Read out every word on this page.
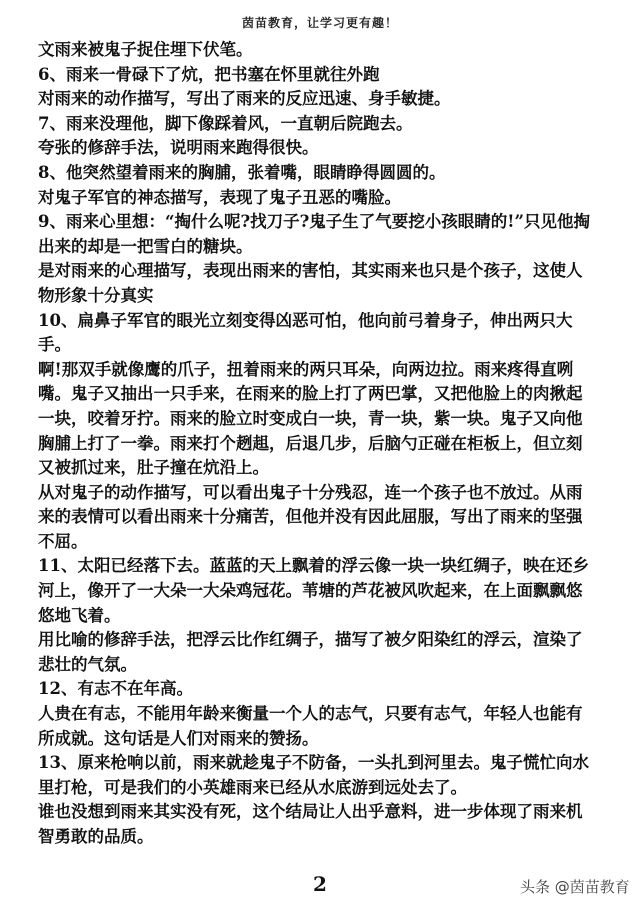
茵苗教育，让学习更有趣！
文雨来被鬼子捉住埋下伏笔。
6、雨来一骨碌下了炕，把书塞在怀里就往外跑
对雨来的动作描写，写出了雨来的反应迅速、身手敏捷。
7、雨来没理他，脚下像踩着风，一直朝后院跑去。
夸张的修辞手法，说明雨来跑得很快。
8、他突然望着雨来的胸脯，张着嘴，眼睛睁得圆圆的。
对鬼子军官的神态描写，表现了鬼子丑恶的嘴脸。
9、雨来心里想：“掏什么呢?找刀子?鬼子生了气要挖小孩眼睛的!”只见他掏
出来的却是一把雪白的糖块。
是对雨来的心理描写，表现出雨来的害怕，其实雨来也只是个孩子，这使人
物形象十分真实
10、扁鼻子军官的眼光立刻变得凶恶可怕，他向前弓着身子，伸出两只大手。
啊!那双手就像鹰的爪子，扭着雨来的两只耳朵，向两边拉。雨来疼得直咧
嘴。鬼子又抽出一只手来，在雨来的脸上打了两巴掌，又把他脸上的肉揪起
一块，咬着牙拧。雨来的脸立时变成白一块，青一块，紫一块。鬼子又向他
胸脯上打了一拳。雨来打个趔趄，后退几步，后脑勺正碰在柜板上，但立刻
又被抓过来，肚子撞在炕沿上。
从对鬼子的动作描写，可以看出鬼子十分残忍，连一个孩子也不放过。从雨
来的表情可以看出雨来十分痛苦，但他并没有因此屈服，写出了雨来的坚强
不屈。
11、太阳已经落下去。蓝蓝的天上飘着的浮云像一块一块红绸子，映在还乡
河上，像开了一大朵一大朵鸡冠花。苇塘的芦花被风吹起来，在上面飘飘悠
悠地飞着。
用比喻的修辞手法，把浮云比作红绸子，描写了被夕阳染红的浮云，渲染了
悲壮的气氛。
12、有志不在年高。
人贵在有志，不能用年龄来衡量一个人的志气，只要有志气，年轻人也能有
所成就。这句话是人们对雨来的赞扬。
13、原来枪响以前，雨来就趁鬼子不防备，一头扎到河里去。鬼子慌忙向水
里打枪，可是我们的小英雄雨来已经从水底游到远处去了。
谁也没想到雨来其实没有死，这个结局让人出乎意料，进一步体现了雨来机
智勇敢的品质。
2	头条 @茵苗教育
